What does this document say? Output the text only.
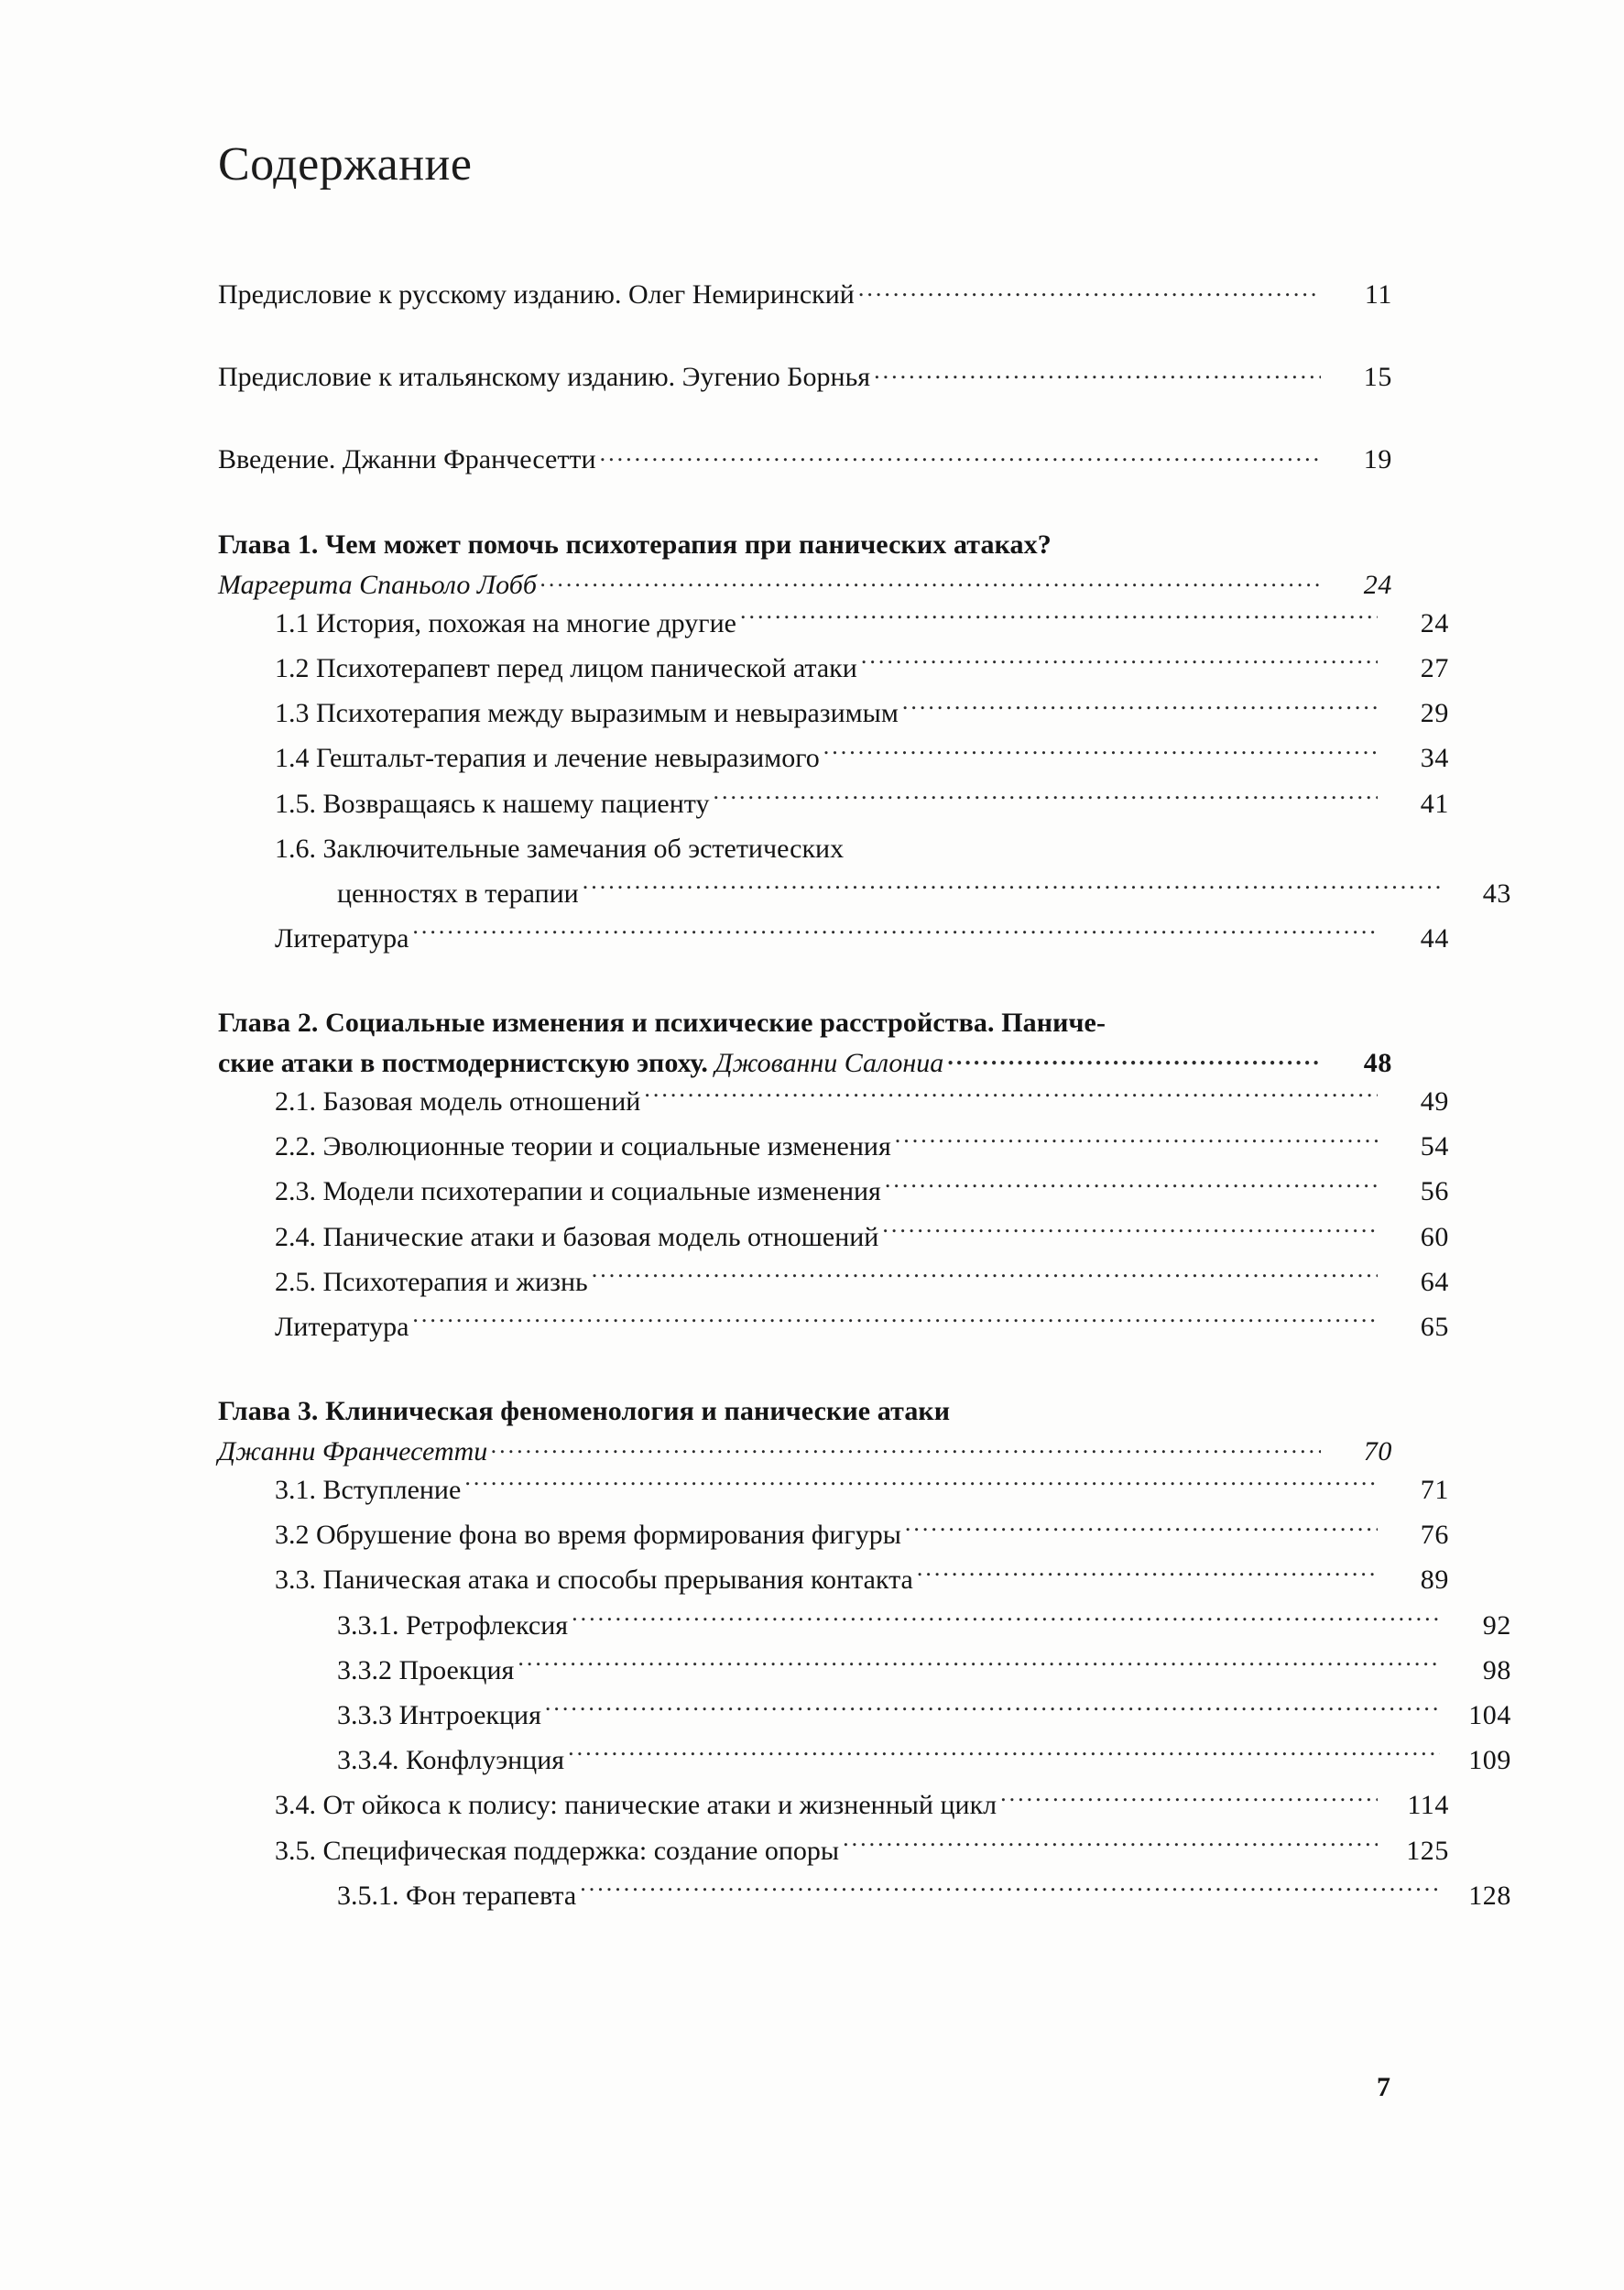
Содержание
Предисловие к русскому изданию. Олег Немиринский .....	11
Предисловие к итальянскому изданию. Эугенио Борнья .....	15
Введение. Джанни Франчесетти .....	19
Глава 1. Чем может помочь психотерапия при панических атаках?
Маргерита Спаньоло Лобб .....	24
1.1 История, похожая на многие другие .....	24
1.2 Психотерапевт перед лицом панической атаки .....	27
1.3 Психотерапия между выразимым и невыразимым .....	29
1.4 Гештальт-терапия и лечение невыразимого .....	34
1.5. Возвращаясь к нашему пациенту .....	41
1.6. Заключительные замечания об эстетических
ценностях в терапии .....	43
Литература .....	44
Глава 2. Социальные изменения и психические расстройства. Паниче-
ские атаки в постмодернистскую эпоху. Джованни Салониа .....	48
2.1. Базовая модель отношений .....	49
2.2. Эволюционные теории и социальные изменения .....	54
2.3. Модели психотерапии и социальные изменения .....	56
2.4. Панические атаки и базовая модель отношений .....	60
2.5. Психотерапия и жизнь .....	64
Литература .....	65
Глава 3. Клиническая феноменология и панические атаки
Джанни Франчесетти .....	70
3.1. Вступление .....	71
3.2 Обрушение фона во время формирования фигуры .....	76
3.3. Паническая атака и способы прерывания контакта .....	89
3.3.1. Ретрофлексия .....	92
3.3.2 Проекция .....	98
3.3.3 Интроекция .....	104
3.3.4. Конфлуэнция .....	109
3.4. От ойкоса к полису: панические атаки и жизненный цикл .....	114
3.5. Специфическая поддержка: создание опоры .....	125
3.5.1. Фон терапевта .....	128
7
